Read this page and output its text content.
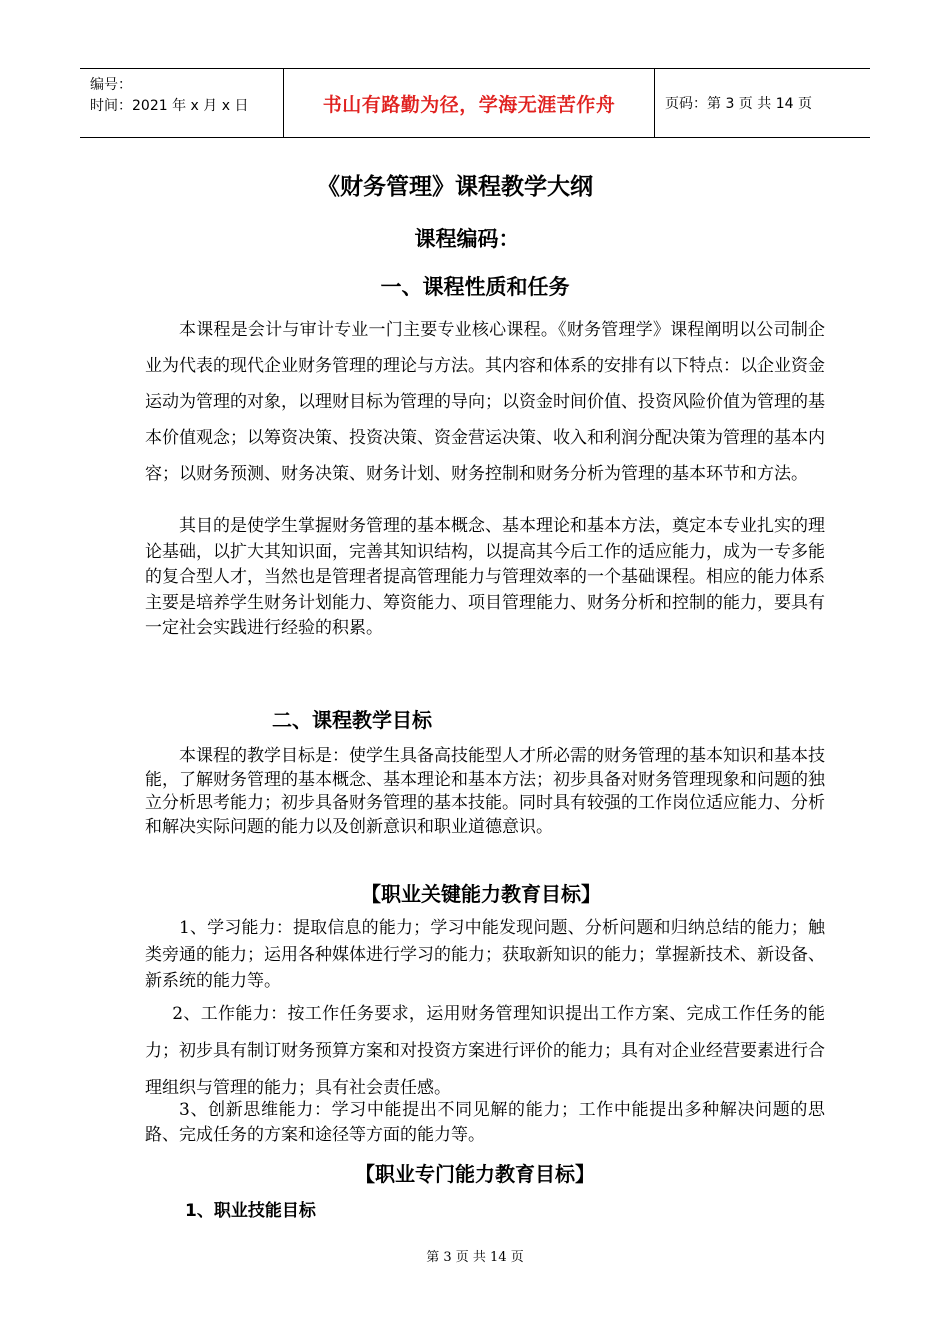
编号：
时间：2021 年 x 月 x 日	书山有路勤为径，学海无涯苦作舟	页码：第 3 页 共 14 页
《财务管理》课程教学大纲
课程编码：
一、课程性质和任务
本课程是会计与审计专业一门主要专业核心课程。《财务管理学》课程阐明以公司制企业为代表的现代企业财务管理的理论与方法。其内容和体系的安排有以下特点：以企业资金运动为管理的对象，以理财目标为管理的导向；以资金时间价值、投资风险价值为管理的基本价值观念；以筹资决策、投资决策、资金营运决策、收入和利润分配决策为管理的基本内容；以财务预测、财务决策、财务计划、财务控制和财务分析为管理的基本环节和方法。
其目的是使学生掌握财务管理的基本概念、基本理论和基本方法，奠定本专业扎实的理论基础，以扩大其知识面，完善其知识结构，以提高其今后工作的适应能力，成为一专多能的复合型人才，当然也是管理者提高管理能力与管理效率的一个基础课程。相应的能力体系主要是培养学生财务计划能力、筹资能力、项目管理能力、财务分析和控制的能力，要具有一定社会实践进行经验的积累。
二、课程教学目标
本课程的教学目标是：使学生具备高技能型人才所必需的财务管理的基本知识和基本技能，了解财务管理的基本概念、基本理论和基本方法；初步具备对财务管理现象和问题的独立分析思考能力；初步具备财务管理的基本技能。同时具有较强的工作岗位适应能力、分析和解决实际问题的能力以及创新意识和职业道德意识。
【职业关键能力教育目标】
1、学习能力：提取信息的能力；学习中能发现问题、分析问题和归纳总结的能力；触类旁通的能力；运用各种媒体进行学习的能力；获取新知识的能力；掌握新技术、新设备、新系统的能力等。
2、工作能力：按工作任务要求，运用财务管理知识提出工作方案、完成工作任务的能力；初步具有制订财务预算方案和对投资方案进行评价的能力；具有对企业经营要素进行合理组织与管理的能力；具有社会责任感。
3、创新思维能力：学习中能提出不同见解的能力；工作中能提出多种解决问题的思路、完成任务的方案和途径等方面的能力等。
【职业专门能力教育目标】
1、职业技能目标
第 3 页 共 14 页
